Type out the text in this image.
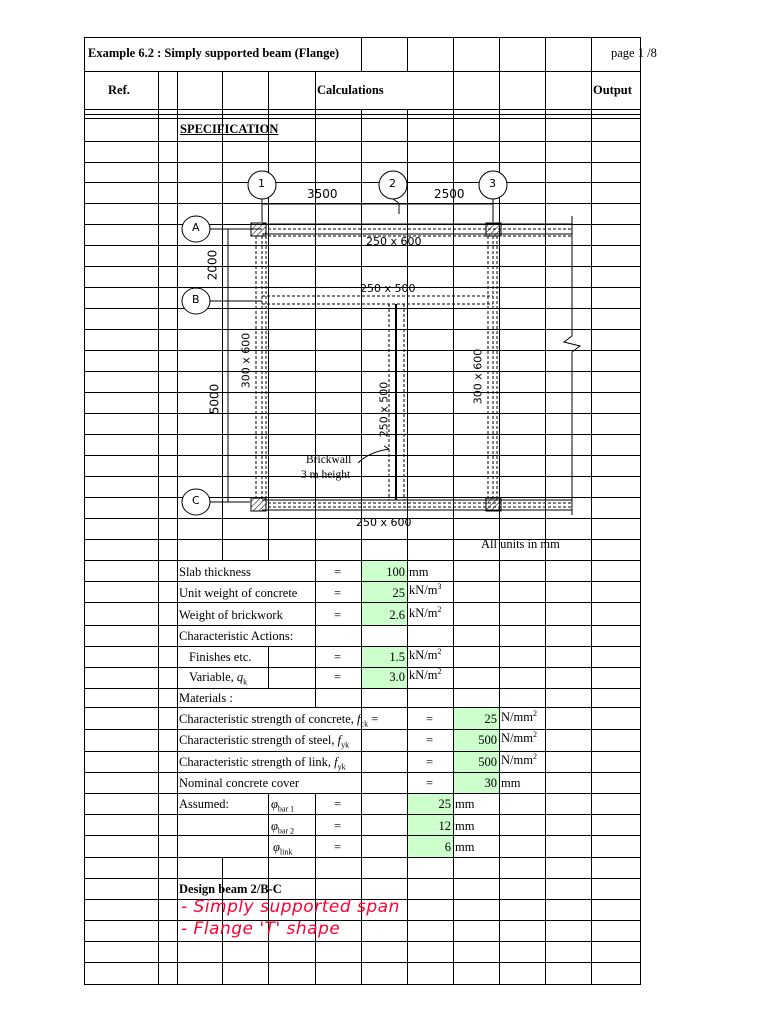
Example 6.2 : Simply supported beam (Flange)	page 1 /8
Ref.	Calculations	Output
SPECIFICATION
1	2	3
A
B
C
3500	2500
2000
5000
250 x 600
250 x 500
250 x 600
300 x 600	300 x 600
250 x 500
Brickwall
3 m height
All units in mm
Slab thickness	=	100 mm
Unit weight of concrete	=	25 $kN/m^3$
Weight of brickwork	=	2.6 $kN/m^2$
Characteristic Actions:
Finishes etc.	=	1.5 $kN/m^2$
Variable, $q_k$	=	3.0 $kN/m^2$
Materials :
Characteristic strength of concrete, $f_{ck}$ =	=	25 $N/mm^2$
Characteristic strength of steel, $f_{yk}$	=	500 $N/mm^2$
Characteristic strength of link, $f_{yk}$	=	500 $N/mm^2$
Nominal concrete cover	=	30 mm
Assumed:	$\varphi_{bar 1}$	=	25 mm
$\varphi_{bar 2}$	=	12 mm
$\varphi_{link}$	=	6 mm
Design beam 2/B-C
- Simply supported span
- Flange 'T' shape
